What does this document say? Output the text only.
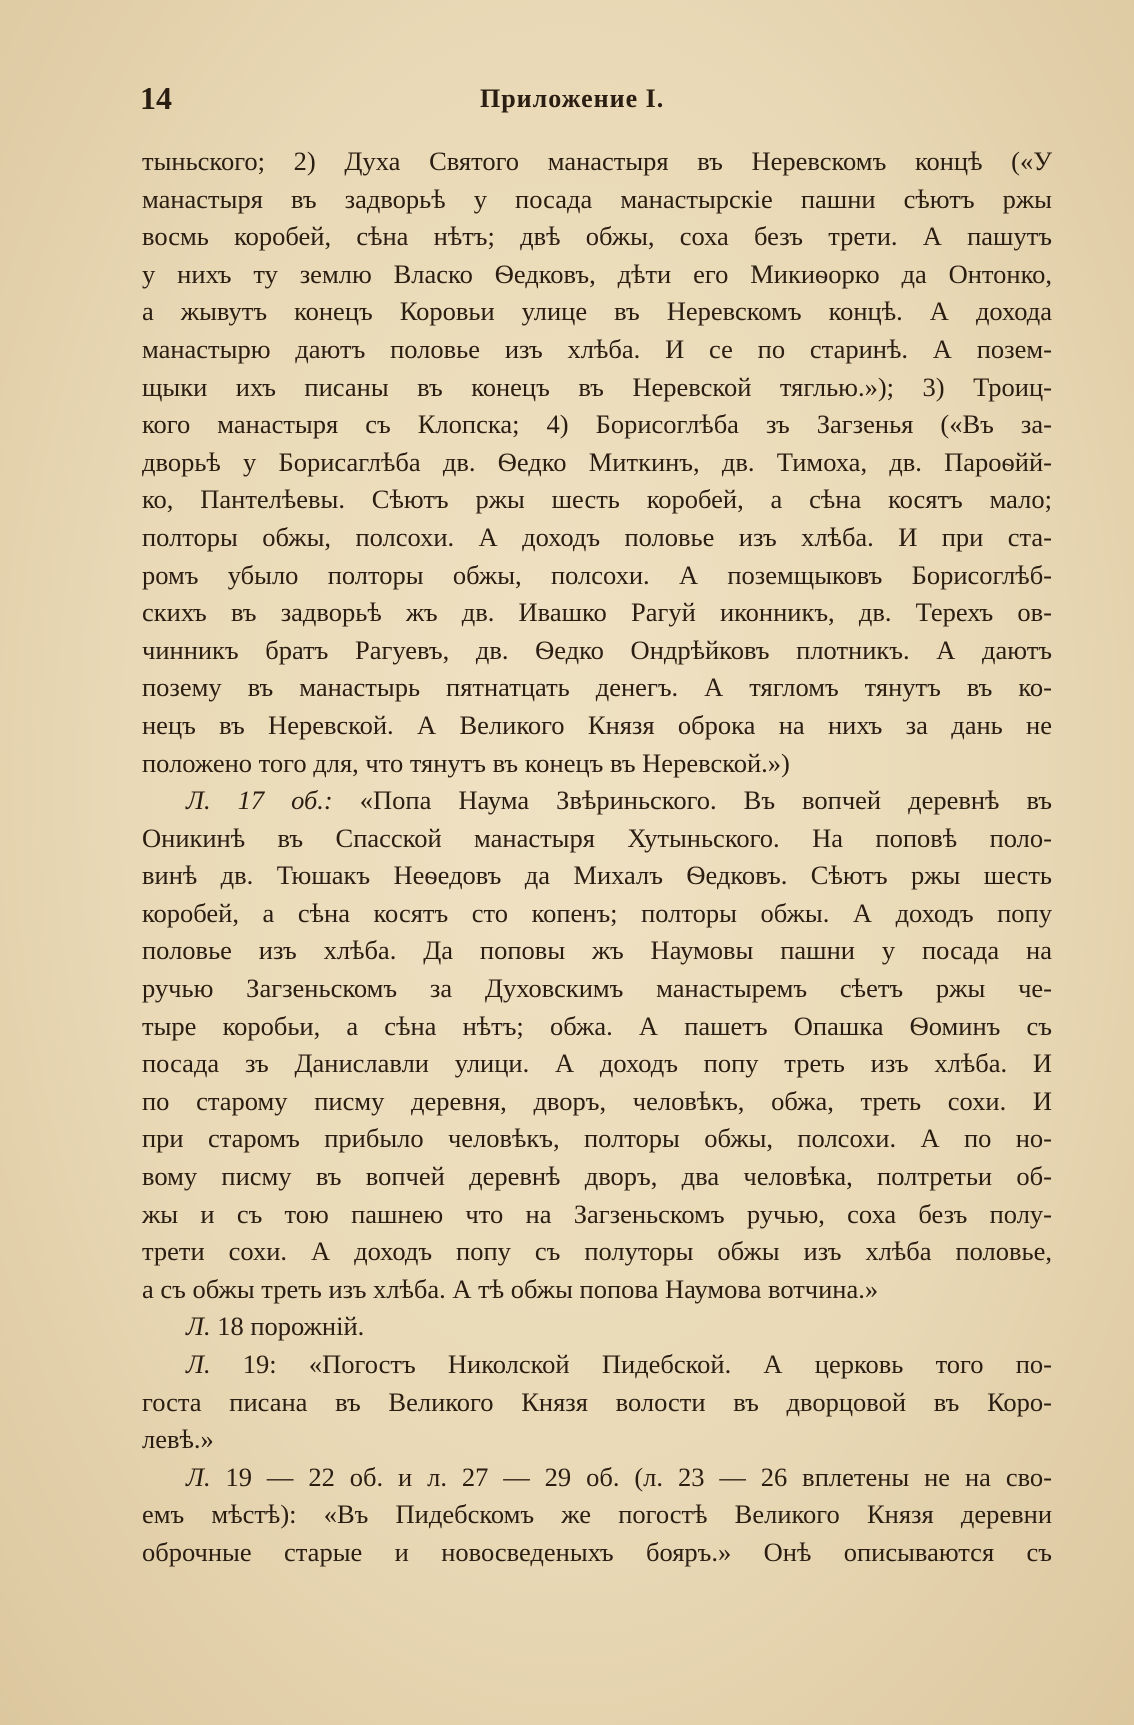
14	Приложение I.
тыньского; 2) Духа Святого манастыря въ Неревскомъ концѣ («У
манастыря въ задворьѣ у посада манастырскіе пашни сѣютъ ржы
восмь коробей, сѣна нѣтъ; двѣ обжы, соха безъ трети. А пашутъ
у нихъ ту землю Власко Ѳедковъ, дѣти его Микиѳорко да Онтонко,
а жывутъ конецъ Коровьи улице въ Неревскомъ концѣ. А дохода
манастырю даютъ половье изъ хлѣба. И се по старинѣ. А позем-
щыки ихъ писаны въ конецъ въ Неревской тяглью.»); 3) Троиц-
кого манастыря съ Клопска; 4) Борисоглѣба зъ Загзенья («Въ за-
дворьѣ у Борисаглѣба дв. Ѳедко Миткинъ, дв. Тимоха, дв. Пароѳйй-
ко, Пантелѣевы. Сѣютъ ржы шесть коробей, а сѣна косятъ мало;
полторы обжы, полсохи. А доходъ половье изъ хлѣба. И при ста-
ромъ убыло полторы обжы, полсохи. А поземщыковъ Борисоглѣб-
скихъ въ задворьѣ жъ дв. Ивашко Рагуй иконникъ, дв. Терехъ ов-
чинникъ братъ Рагуевъ, дв. Ѳедко Ондрѣйковъ плотникъ. А даютъ
позему въ манастырь пятнатцать денегъ. А тягломъ тянутъ въ ко-
нецъ въ Неревской. А Великого Князя оброка на нихъ за дань не
положено того для, что тянутъ въ конецъ въ Неревской.»)
Л. 17 об.: «Попа Наума Звѣриньского. Въ вопчей деревнѣ въ
Оникинѣ въ Спасской манастыря Хутыньского. На поповѣ поло-
винѣ дв. Тюшакъ Неѳедовъ да Михалъ Ѳедковъ. Сѣютъ ржы шесть
коробей, а сѣна косятъ сто копенъ; полторы обжы. А доходъ попу
половье изъ хлѣба. Да поповы жъ Наумовы пашни у посада на
ручью Загзеньскомъ за Духовскимъ манастыремъ сѣетъ ржы че-
тыре коробьи, а сѣна нѣтъ; обжа. А пашетъ Опашка Ѳоминъ съ
посада зъ Даниславли улици. А доходъ попу треть изъ хлѣба. И
по старому писму деревня, дворъ, человѣкъ, обжа, треть сохи. И
при старомъ прибыло человѣкъ, полторы обжы, полсохи. А по но-
вому писму въ вопчей деревнѣ дворъ, два человѣка, полтретьи об-
жы и съ тою пашнею что на Загзеньскомъ ручью, соха безъ полу-
трети сохи. А доходъ попу съ полуторы обжы изъ хлѣба половье,
а съ обжы треть изъ хлѣба. А тѣ обжы попова Наумова вотчина.»
Л. 18 порожній.
Л. 19: «Погостъ Николской Пидебской. А церковь того по-
госта писана въ Великого Князя волости въ дворцовой въ Коро-
левѣ.»
Л. 19 — 22 об. и л. 27 — 29 об. (л. 23 — 26 вплетены не на сво-
емъ мѣстѣ): «Въ Пидебскомъ же погостѣ Великого Князя деревни
оброчные старые и новосведеныхъ бояръ.» Онѣ описываются съ
